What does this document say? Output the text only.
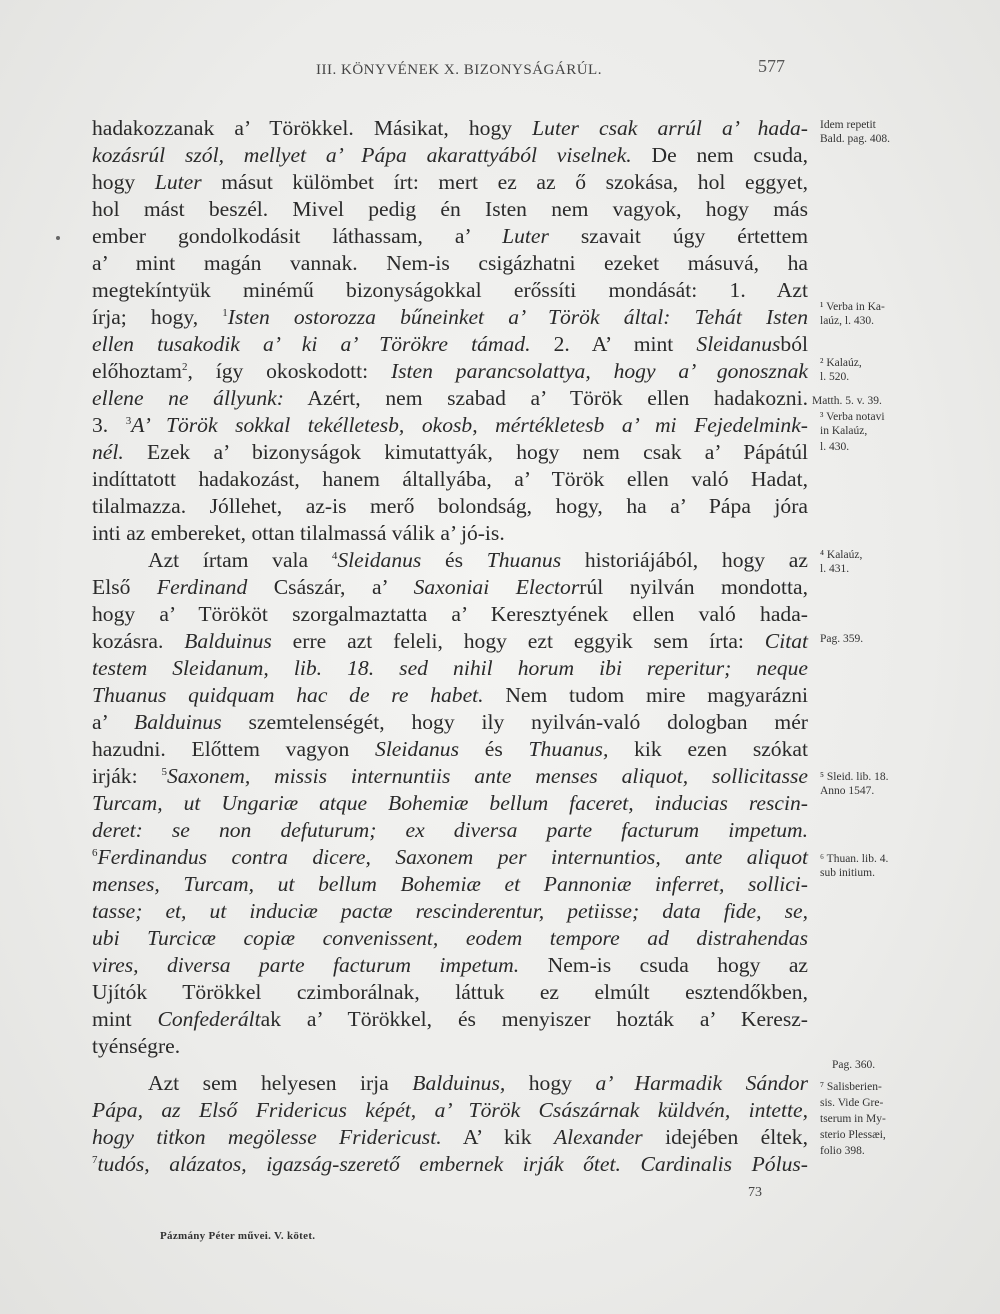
III. KÖNYVÉNEK X. BIZONYSÁGÁRÚL.	577
hadakozzanak a’ Törökkel. Másikat, hogy Luter csak arrúl a’ hada-
kozásrúl szól, mellyet a’ Pápa akarattyából viselnek. De nem csuda,
hogy Luter másut külömbet írt: mert ez az ő szokása, hol eggyet,
hol mást beszél. Mivel pedig én Isten nem vagyok, hogy más
ember gondolkodásit láthassam, a’ Luter szavait úgy értettem
a’ mint magán vannak. Nem-is csigázhatni ezeket másuvá, ha
megtekíntyük minémű bizonyságokkal erőssíti mondását: 1. Azt
írja; hogy, $^1$Isten ostorozza bűneinket a’ Török által: Tehát Isten
ellen tusakodik a’ ki a’ Törökre támad. 2. A’ mint Sleidanusból
előhoztam$^2$, így okoskodott: Isten parancsolattya, hogy a’ gonosznak
ellene ne állyunk: Azért, nem szabad a’ Török ellen hadakozni.
3. $^3$A’ Török sokkal tekélletesb, okosb, mértékletesb a’ mi Fejedelmink-
nél. Ezek a’ bizonyságok kimutattyák, hogy nem csak a’ Pápátúl
indíttatott hadakozást, hanem általlyába, a’ Török ellen való Hadat,
tilalmazza. Jóllehet, az-is merő bolondság, hogy, ha a’ Pápa jóra
inti az embereket, ottan tilalmassá válik a’ jó-is.
Azt írtam vala $^4$Sleidanus és Thuanus historiájából, hogy az
Első Ferdinand Császár, a’ Saxoniai Electorrúl nyilván mondotta,
hogy a’ Törököt szorgalmaztatta a’ Keresztyének ellen való hada-
kozásra. Balduinus erre azt feleli, hogy ezt eggyik sem írta: Citat
testem Sleidanum, lib. 18. sed nihil horum ibi reperitur; neque
Thuanus quidquam hac de re habet. Nem tudom mire magyarázni
a’ Balduinus szemtelenségét, hogy ily nyilván-való dologban mér
hazudni. Előttem vagyon Sleidanus és Thuanus, kik ezen szókat
irják: $^5$Saxonem, missis internuntiis ante menses aliquot, sollicitasse
Turcam, ut Ungariæ atque Bohemiæ bellum faceret, inducias rescin-
deret: se non defuturum; ex diversa parte facturum impetum.
$^6$Ferdinandus contra dicere, Saxonem per internuntios, ante aliquot
menses, Turcam, ut bellum Bohemiæ et Pannoniæ inferret, sollici-
tasse; et, ut induciæ pactæ rescinderentur, petiisse; data fide, se,
ubi Turcicæ copiæ convenissent, eodem tempore ad distrahendas
vires, diversa parte facturum impetum. Nem-is csuda hogy az
Ujítók Törökkel czimborálnak, láttuk ez elmúlt esztendőkben,
mint Confederáltak a’ Törökkel, és menyiszer hozták a’ Keresz-
tyénségre.
Azt sem helyesen irja Balduinus, hogy a’ Harmadik Sándor
Pápa, az Első Fridericus képét, a’ Török Császárnak küldvén, intette,
hogy titkon megölesse Fridericust. A’ kik Alexander idejében éltek,
$^7$tudós, alázatos, igazság-szerető embernek irják őtet. Cardinalis Pólus-
Idem repetit
Bald. pag. 408.
¹ Verba in Ka-
laúz, l. 430.
² Kalaúz,
l. 520.
Matth. 5. v. 39.
³ Verba notavi
in Kalaúz,
l. 430.
⁴ Kalaúz,
l. 431.
Pag. 359.
⁵ Sleid. lib. 18.
Anno 1547.
⁶ Thuan. lib. 4.
sub initium.
Pag. 360.
⁷ Salisberien-
sis. Vide Gre-
tserum in My-
sterio Plessæi,
folio 398.
73
Pázmány Péter művei. V. kötet.
